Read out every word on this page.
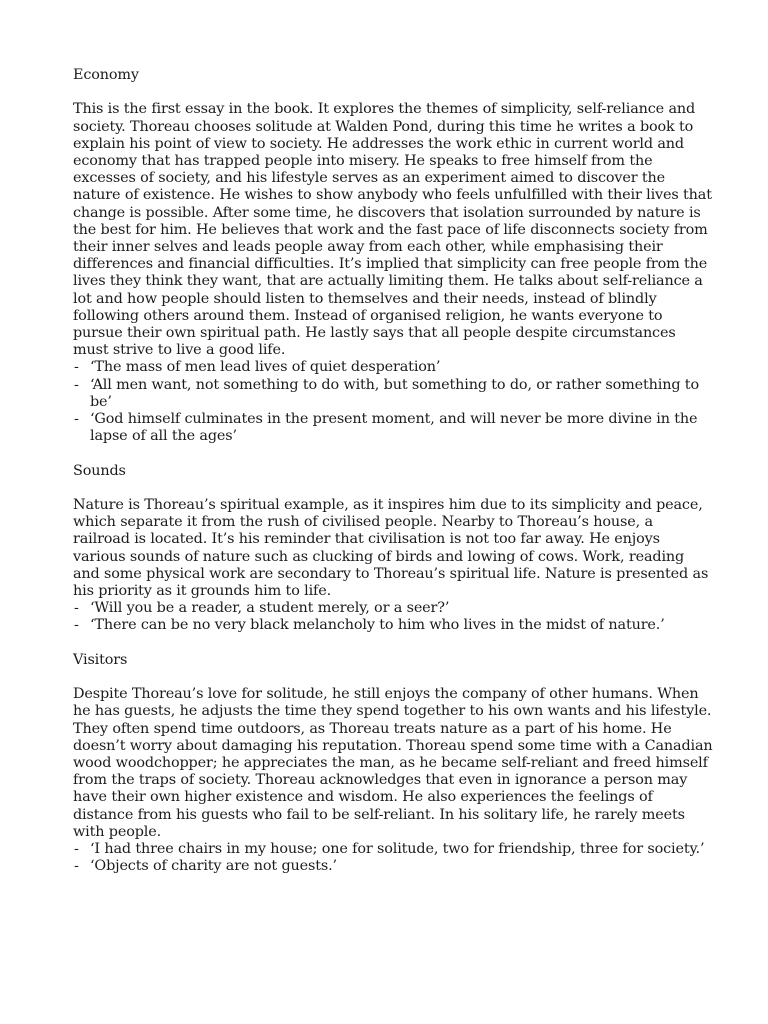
Economy

This is the first essay in the book. It explores the themes of simplicity, self-reliance and society. Thoreau chooses solitude at Walden Pond, during this time he writes a book to explain his point of view to society. He addresses the work ethic in current world and economy that has trapped people into misery. He speaks to free himself from the excesses of society, and his lifestyle serves as an experiment aimed to discover the nature of existence. He wishes to show anybody who feels unfulfilled with their lives that change is possible. After some time, he discovers that isolation surrounded by nature is the best for him. He believes that work and the fast pace of life disconnects society from their inner selves and leads people away from each other, while emphasising their differences and financial difficulties. It’s implied that simplicity can free people from the lives they think they want, that are actually limiting them. He talks about self-reliance a lot and how people should listen to themselves and their needs, instead of blindly following others around them. Instead of organised religion, he wants everyone to pursue their own spiritual path. He lastly says that all people despite circumstances must strive to live a good life.

- ‘The mass of men lead lives of quiet desperation’
- ‘All men want, not something to do with, but something to do, or rather something to be’
- ‘God himself culminates in the present moment, and will never be more divine in the lapse of all the ages’

Sounds

Nature is Thoreau’s spiritual example, as it inspires him due to its simplicity and peace, which separate it from the rush of civilised people. Nearby to Thoreau’s house, a railroad is located. It’s his reminder that civilisation is not too far away. He enjoys various sounds of nature such as clucking of birds and lowing of cows. Work, reading and some physical work are secondary to Thoreau’s spiritual life. Nature is presented as his priority as it grounds him to life.

- ‘Will you be a reader, a student merely, or a seer?’
- ‘There can be no very black melancholy to him who lives in the midst of nature.’

Visitors

Despite Thoreau’s love for solitude, he still enjoys the company of other humans. When he has guests, he adjusts the time they spend together to his own wants and his lifestyle. They often spend time outdoors, as Thoreau treats nature as a part of his home. He doesn’t worry about damaging his reputation. Thoreau spend some time with a Canadian wood woodchopper; he appreciates the man, as he became self-reliant and freed himself from the traps of society. Thoreau acknowledges that even in ignorance a person may have their own higher existence and wisdom. He also experiences the feelings of distance from his guests who fail to be self-reliant. In his solitary life, he rarely meets with people.

- ‘I had three chairs in my house; one for solitude, two for friendship, three for society.’
- ‘Objects of charity are not guests.’
